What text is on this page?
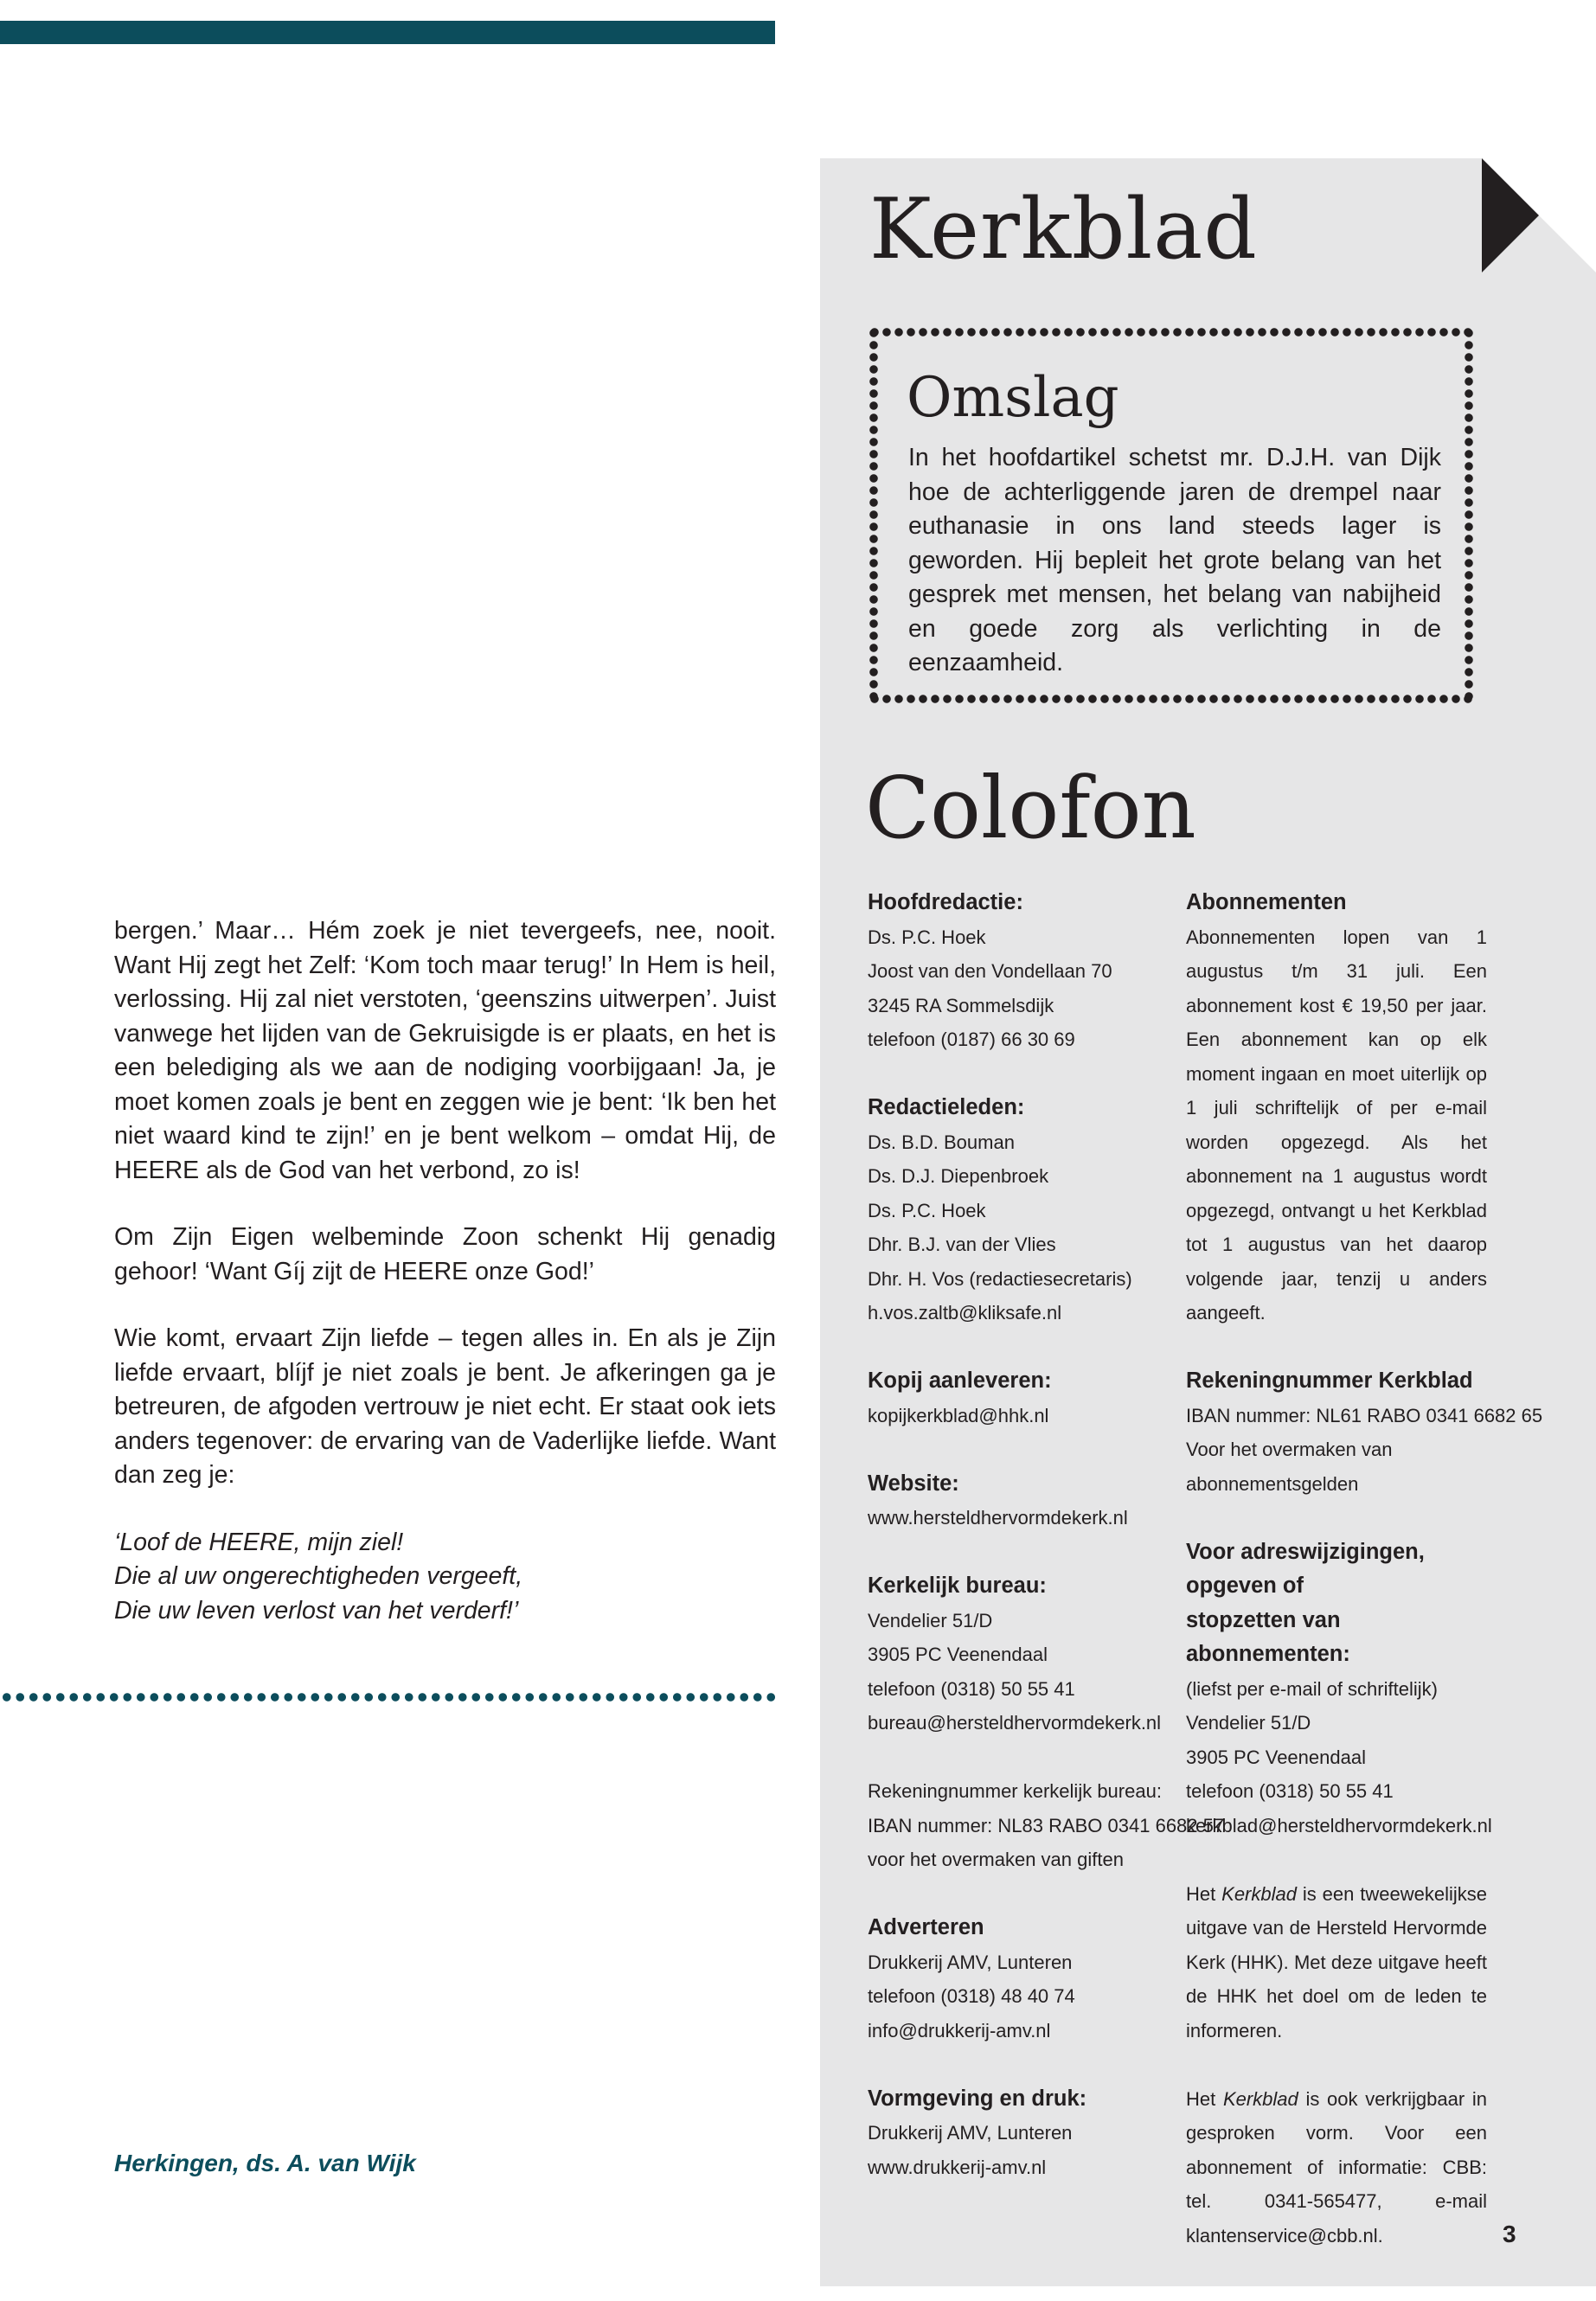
bergen.’ Maar… Hém zoek je niet tevergeefs, nee, nooit. Want Hij zegt het Zelf: ‘Kom toch maar terug!’ In Hem is heil, verlossing. Hij zal niet verstoten, ‘geenszins uitwerpen’. Juist vanwege het lijden van de Gekruisigde is er plaats, en het is een belediging als we aan de nodiging voorbijgaan! Ja, je moet komen zoals je bent en zeggen wie je bent: ‘Ik ben het niet waard kind te zijn!’ en je bent welkom – omdat Hij, de HEERE als de God van het verbond, zo is!

Om Zijn Eigen welbeminde Zoon schenkt Hij genadig gehoor! ‘Want Gíj zijt de HEERE onze God!’

Wie komt, ervaart Zijn liefde – tegen alles in. En als je Zijn liefde ervaart, blíjf je niet zoals je bent. Je afkeringen ga je betreuren, de afgoden vertrouw je niet echt. Er staat ook iets anders tegenover: de ervaring van de Vaderlijke liefde. Want dan zeg je:

‘Loof de HEERE, mijn ziel!
Die al uw ongerechtigheden vergeeft,
Die uw leven verlost van het verderf!’

Herkingen, ds. A. van Wijk
Kerkblad
Omslag
In het hoofdartikel schetst mr. D.J.H. van Dijk hoe de achterliggende jaren de drempel naar euthanasie in ons land steeds lager is geworden. Hij bepleit het grote belang van het gesprek met mensen, het belang van nabijheid en goede zorg als verlichting in de eenzaamheid.
Colofon
Hoofdredactie:
Ds. P.C. Hoek
Joost van den Vondellaan 70
3245 RA Sommelsdijk
telefoon (0187) 66 30 69
Redactieleden:
Ds. B.D. Bouman
Ds. D.J. Diepenbroek
Ds. P.C. Hoek
Dhr. B.J. van der Vlies
Dhr. H. Vos (redactiesecretaris)
h.vos.zaltb@kliksafe.nl
Kopij aanleveren:
kopijkerkblad@hhk.nl
Website:
www.hersteldhervormdekerk.nl
Kerkelijk bureau:
Vendelier 51/D
3905 PC Veenendaal
telefoon (0318) 50 55 41
bureau@hersteldhervormdekerk.nl
Rekeningnummer kerkelijk bureau:
IBAN nummer: NL83 RABO 0341 6682 57
voor het overmaken van giften
Adverteren
Drukkerij AMV, Lunteren
telefoon (0318) 48 40 74
info@drukkerij-amv.nl
Vormgeving en druk:
Drukkerij AMV, Lunteren
www.drukkerij-amv.nl
Abonnementen
Abonnementen lopen van 1 augustus t/m 31 juli. Een abonnement kost € 19,50 per jaar. Een abonnement kan op elk moment ingaan en moet uiterlijk op 1 juli schriftelijk of per e-mail worden opgezegd. Als het abonnement na 1 augustus wordt opgezegd, ontvangt u het Kerkblad tot 1 augustus van het daarop volgende jaar, tenzij u anders aangeeft.
Rekeningnummer Kerkblad
IBAN nummer: NL61 RABO 0341 6682 65
Voor het overmaken van
abonnementsgelden
Voor adreswijzigingen,
opgeven of
stopzetten van
abonnementen:
(liefst per e-mail of schriftelijk)
Vendelier 51/D
3905 PC Veenendaal
telefoon (0318) 50 55 41
kerkblad@hersteldhervormdekerk.nl
Het Kerkblad is een tweewekelijkse uitgave van de Hersteld Hervormde Kerk (HHK). Met deze uitgave heeft de HHK het doel om de leden te informeren.
Het Kerkblad is ook verkrijgbaar in gesproken vorm. Voor een abonnement of informatie: CBB: tel. 0341-565477, e-mail klantenservice@cbb.nl.	3
